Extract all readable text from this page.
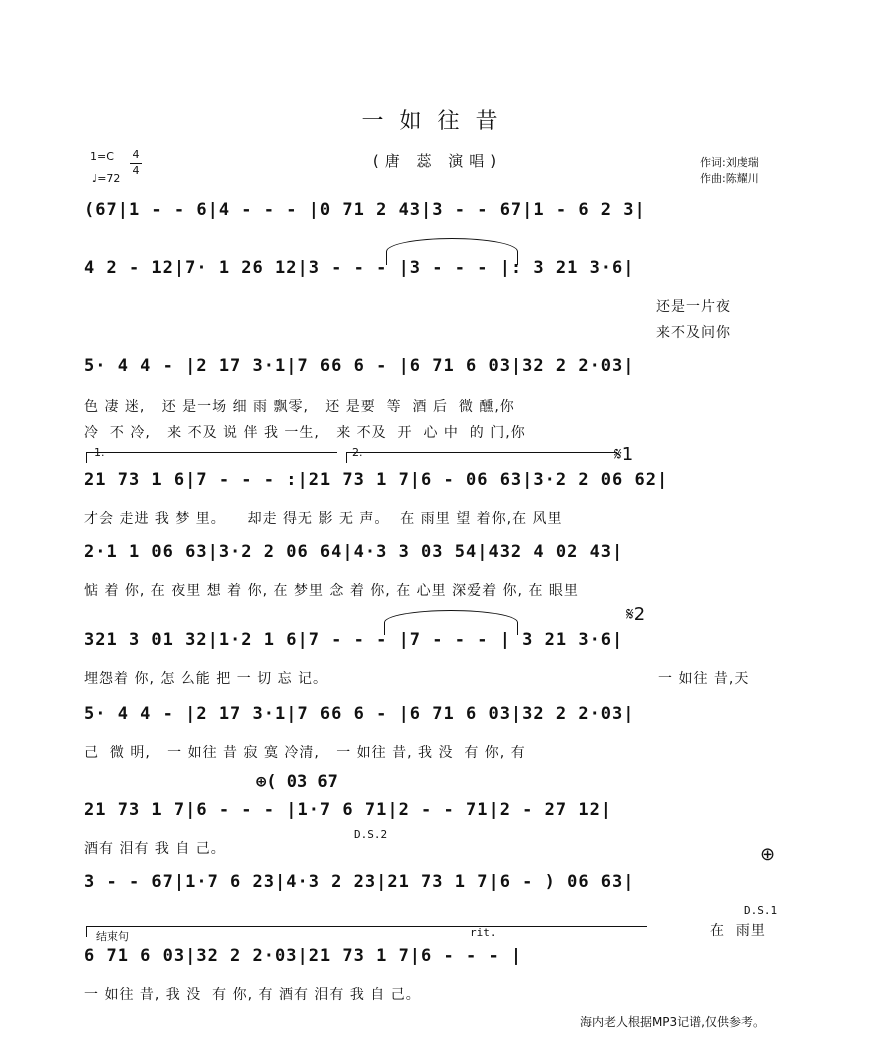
一如往昔
(唐 蕊 演唱)	作词:刘虔瑞
作曲:陈耀川
1=C 4
4
♩=72
(67|1 - - 6|4 - - - |0 71 2 43|3 - - 67|1 - 6 2 3|
4 2 - 12|7· 1 26 12|3 - - - |3 - - - |: 3 21 3·6|
还是一片夜
来不及问你
5· 4 4 - |2 17 3·1|7 66 6 - |6 71 6 03|32 2 2·03|
色 凄 迷,   还 是一场 细 雨 飘零,   还 是要  等  酒 后  微 醺,你
冷  不 冷,   来 不及 说 伴 我 一生,   来 不及  开  心 中  的 门,你
1.	2.	𝄋1
21 73 1 6|7 - - - :|21 73 1 7|6 - 06 63|3·2 2 06 62|
才会 走进 我 梦 里。    却走 得无 影 无 声。  在 雨里 望 着你,在 风里
2·1 1 06 63|3·2 2 06 64|4·3 3 03 54|432 4 02 43|
惦 着 你, 在 夜里 想 着 你, 在 梦里 念 着 你, 在 心里 深爱着 你, 在 眼里
𝄋2
321 3 01 32|1·2 1 6|7 - - - |7 - - - | 3 21 3·6|
埋怨着 你, 怎 么能 把 一 切 忘 记。	一 如往 昔,天
5· 4 4 - |2 17 3·1|7 66 6 - |6 71 6 03|32 2 2·03|
己  微 明,   一 如往 昔 寂 寞 冷清,   一 如往 昔, 我 没  有 你, 有
⊕( 03 67
21 73 1 7|6 - - - |1·7 6 71|2 - - 71|2 - 27 12|
D.S.2
酒有 泪有 我 自 己。	⊕
3 - - 67|1·7 6 23|4·3 2 23|21 73 1 7|6 - ) 06 63|
D.S.1
在  雨里
结束句	rit.
6 71 6 03|32 2 2·03|21 73 1 7|6 - - - |
一 如往 昔, 我 没  有 你, 有 酒有 泪有 我 自 己。
海内老人根据MP3记谱,仅供参考。
